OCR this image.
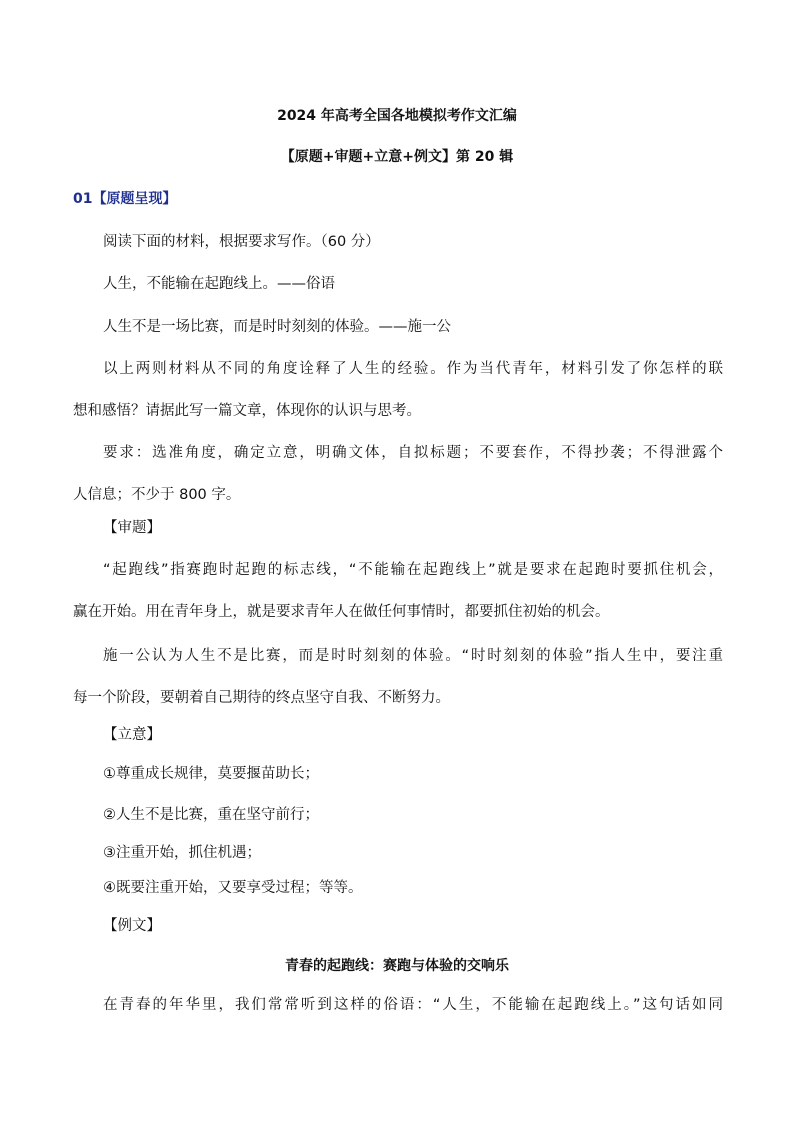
2024 年高考全国各地模拟考作文汇编
【原题+审题+立意+例文】第 20 辑
01【原题呈现】
阅读下面的材料，根据要求写作。（60 分）
人生，不能输在起跑线上。——俗语
人生不是一场比赛，而是时时刻刻的体验。——施一公
以上两则材料从不同的角度诠释了人生的经验。作为当代青年，材料引发了你怎样的联
想和感悟？请据此写一篇文章，体现你的认识与思考。
要求：选准角度，确定立意，明确文体，自拟标题；不要套作，不得抄袭；不得泄露个
人信息；不少于 800 字。
【审题】
“起跑线”指赛跑时起跑的标志线，“不能输在起跑线上”就是要求在起跑时要抓住机会，
赢在开始。用在青年身上，就是要求青年人在做任何事情时，都要抓住初始的机会。
施一公认为人生不是比赛，而是时时刻刻的体验。“时时刻刻的体验”指人生中，要注重
每一个阶段，要朝着自己期待的终点坚守自我、不断努力。
【立意】
①尊重成长规律，莫要揠苗助长；
②人生不是比赛，重在坚守前行；
③注重开始，抓住机遇；
④既要注重开始，又要享受过程；等等。
【例文】
青春的起跑线：赛跑与体验的交响乐
在青春的年华里，我们常常听到这样的俗语：“人生，不能输在起跑线上。”这句话如同
